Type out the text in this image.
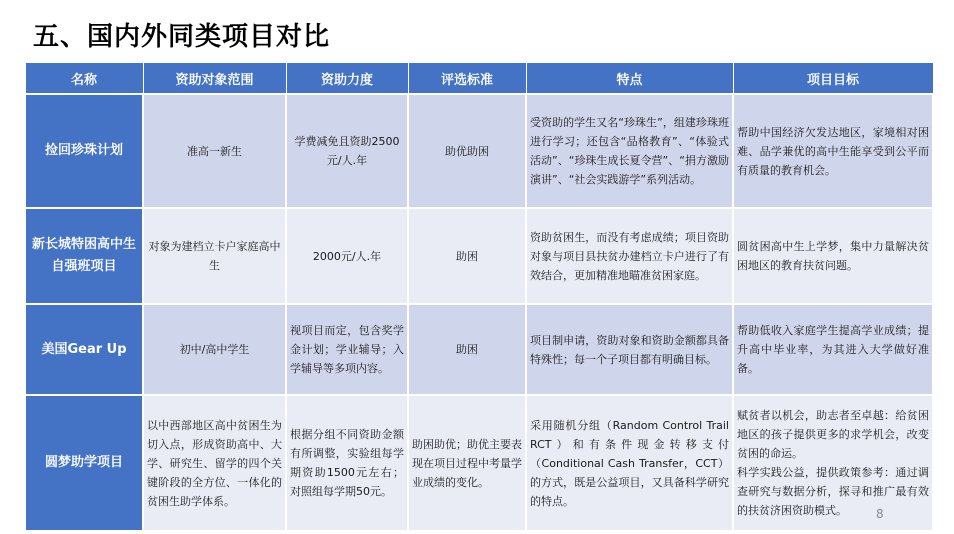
五、国内外同类项目对比
名称	资助对象范围	资助力度	评选标准	特点	项目目标
捡回珍珠计划	准高一新生	学费减免且资助2500元/人.年	助优助困	受资助的学生又名“珍珠生”，组建珍珠班进行学习；还包含“品格教育”、“体验式活动”、“珍珠生成长夏令营”、“捐方激励演讲”、“社会实践游学”系列活动。	帮助中国经济欠发达地区，家境相对困难、品学兼优的高中生能享受到公平而有质量的教育机会。
新长城特困高中生自强班项目	对象为建档立卡户家庭高中生	2000元/人.年	助困	资助贫困生，而没有考虑成绩；项目资助对象与项目县扶贫办建档立卡户进行了有效结合，更加精准地瞄准贫困家庭。	圆贫困高中生上学梦，集中力量解决贫困地区的教育扶贫问题。
美国Gear Up	初中/高中学生	视项目而定，包含奖学金计划；学业辅导；入学辅导等多项内容。	助困	项目制申请，资助对象和资助金额都具备特殊性；每一个子项目都有明确目标。	帮助低收入家庭学生提高学业成绩；提升高中毕业率，为其进入大学做好准备。
圆梦助学项目	以中西部地区高中贫困生为切入点，形成资助高中、大学、研究生、留学的四个关键阶段的全方位、一体化的贫困生助学体系。	根据分组不同资助金额有所调整，实验组每学期资助1500元左右；对照组每学期50元。	助困助优；助优主要表现在项目过程中考量学业成绩的变化。	采用随机分组（Random Control Trail RCT）和有条件现金转移支付（Conditional Cash Transfer，CCT）的方式，既是公益项目，又具备科学研究的特点。	赋贫者以机会，助志者至卓越：给贫困地区的孩子提供更多的求学机会，改变贫困的命运。
科学实践公益，提供政策参考：通过调查研究与数据分析，探寻和推广最有效的扶贫济困资助模式。 8
